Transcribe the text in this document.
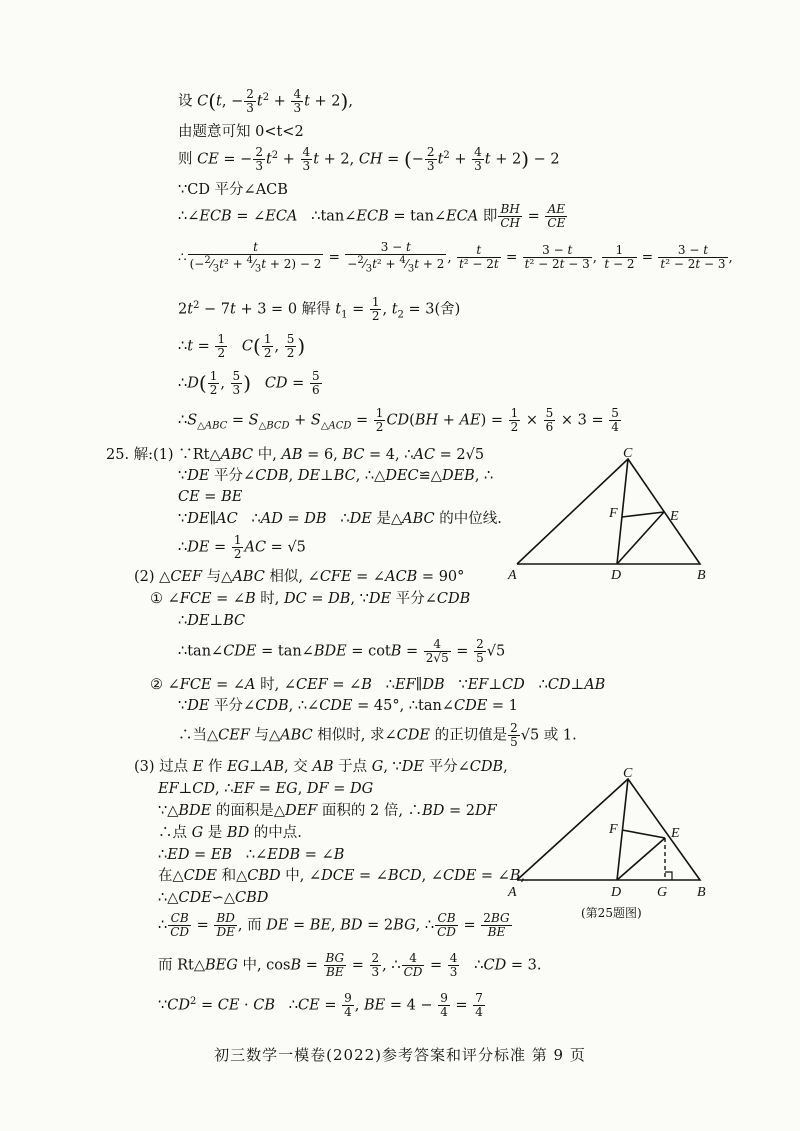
设 C(t, − $\frac{2}{3} t^2 + \frac{4}{3}$ t + 2),
由题意可知 0<t<2
则 CE = − $\frac{2}{3} t^2 + \frac{4}{3}$ t + 2, CH = (− $\frac{2}{3} t^2 + \frac{4}{3}$ t + 2) − 2
∵CD 平分∠ACB
∴∠ECB = ∠ECA   ∴tan∠ECB = tan∠ECA 即 $\frac{BH}{CH} = \frac{AE}{CE}$
∴ $\frac{t}{(-^2⁄_3t^2 + ^4⁄_3t + 2) - 2} = \frac{3 - t}{-^2⁄_3t^2 + ^4⁄_3t + 2}$ , $\frac{t}{\text{t² − 2t}} = \frac{3 - t}{\text{t² − 2t − 3}}$ , $\frac{1}{t - 2} = \frac{3 - t}{\text{t² − 2t − 3}}$ ,
$2t^2 - 7t + 3 = 0$ 解得 $t_1 = \frac{1}{2}$ , $t_2 = 3$(舍)
∴t = $\frac{1}{2} C( \frac{1}{2}$ , $\frac{5}{2}$ )
∴D( $\frac{1}{2}$ , $\frac{5}{3}$ ) CD = $\frac{5}{6}$
$\therefore S_{\triangle ABC} = S_{\triangle BCD} + S_{\triangle ACD} = \frac{1}{2} CD(BH + AE) = \frac{1}{2} \times \frac{5}{6} \times 3 = \frac{5}{4}$
25. 解:(1) ∵Rt△ABC 中, AB = 6, BC = 4, ∴AC = 2√5
∵DE 平分∠CDB, DE⊥BC, ∴△DEC≌△DEB, ∴
CE = BE
∵DE∥AC   ∴AD = DB   ∴DE 是△ABC 的中位线.
∴DE = $\frac{1}{2}$ AC = √5
(2) △CEF 与△ABC 相似, ∠CFE = ∠ACB = 90°
① ∠FCE = ∠B 时, DC = DB, ∵DE 平分∠CDB
∴DE⊥BC
∴tan∠CDE = tan∠BDE = $\cot B = \frac{4}{2√5} = \frac{2}{5} √5$
② ∠FCE = ∠A 时, ∠CEF = ∠B   ∴EF∥DB   ∵EF⊥CD   ∴CD⊥AB
∵DE 平分∠CDB, ∴∠CDE = 45°, ∴tan∠CDE = 1
∴当△CEF 与△ABC 相似时, 求∠CDE 的正切值是 $\frac{2}{5} √5$ 或 1.
(3) 过点 E 作 EG⊥AB, 交 AB 于点 G, ∵DE 平分∠CDB,
EF⊥CD, ∴EF = EG, DF = DG
∵△BDE 的面积是△DEF 面积的 2 倍, ∴BD = 2DF
∴点 G 是 BD 的中点.
∴ED = EB   ∴∠EDB = ∠B
在△CDE 和△CBD 中, ∠DCE = ∠BCD, ∠CDE = ∠B,
∴△CDE∽△CBD
∴ $\frac{CB}{CD} = \frac{BD}{DE}$ , 而 DE = BE, BD = 2BG, ∴ $\frac{CB}{CD} = \frac{2BG}{BE}$
而 Rt△BEG 中, $\cos B = \frac{BG}{BE} = \frac{2}{3}$ , ∴ $\frac{4}{CD} = \frac{4}{3}$ ∴CD = 3.
$\because CD^2$ = CE · CB   ∴CE = $\frac{9}{4}$ , BE = $4 - \frac{9}{4} = \frac{7}{4}$
C
F	E
A	D	B
C
F	E
A	D	G B
(第25题图)
初三数学一模卷(2022)参考答案和评分标准 第 9 页
